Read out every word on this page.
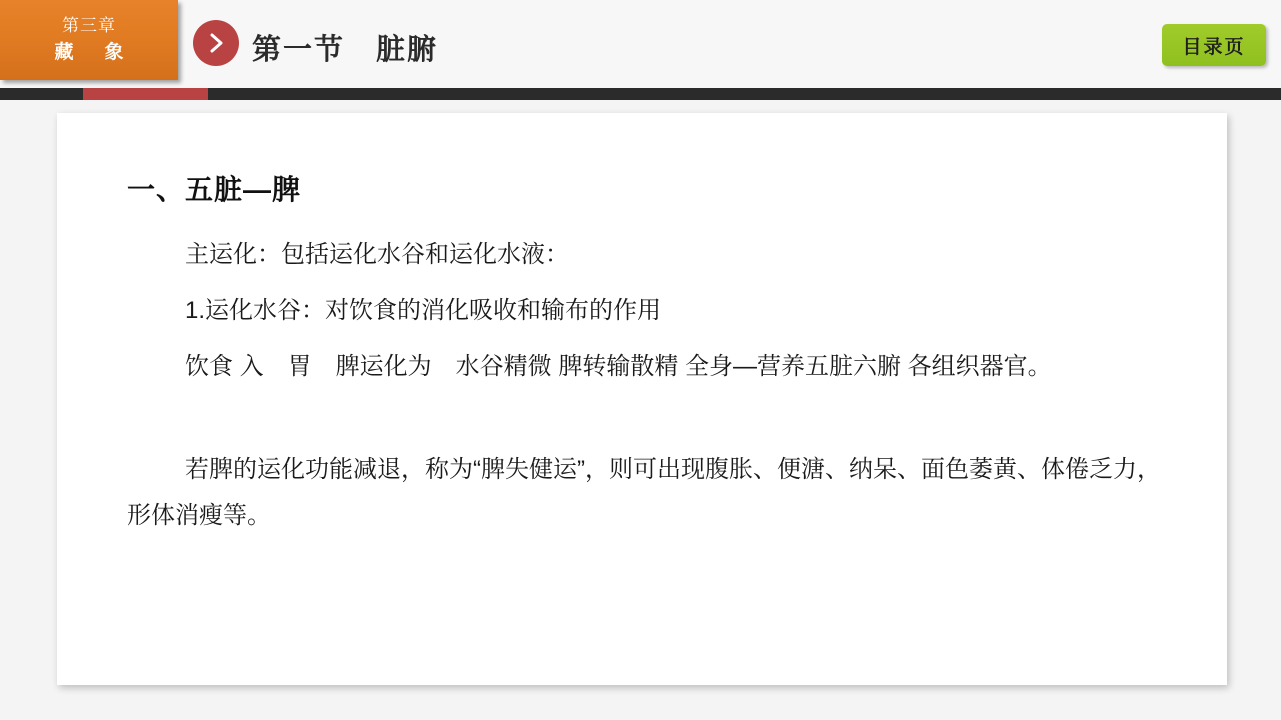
第三章
藏　象	第一节　脏腑	目录页
一、五脏—脾
主运化：包括运化水谷和运化水液：
1.运化水谷：对饮食的消化吸收和输布的作用
饮食 入　胃　脾运化为　水谷精微 脾转输散精 全身—营养五脏六腑 各组织器官。
若脾的运化功能减退，称为“脾失健运”，则可出现腹胀、便溏、纳呆、面色萎黄、体倦乏力，形体消瘦等。
